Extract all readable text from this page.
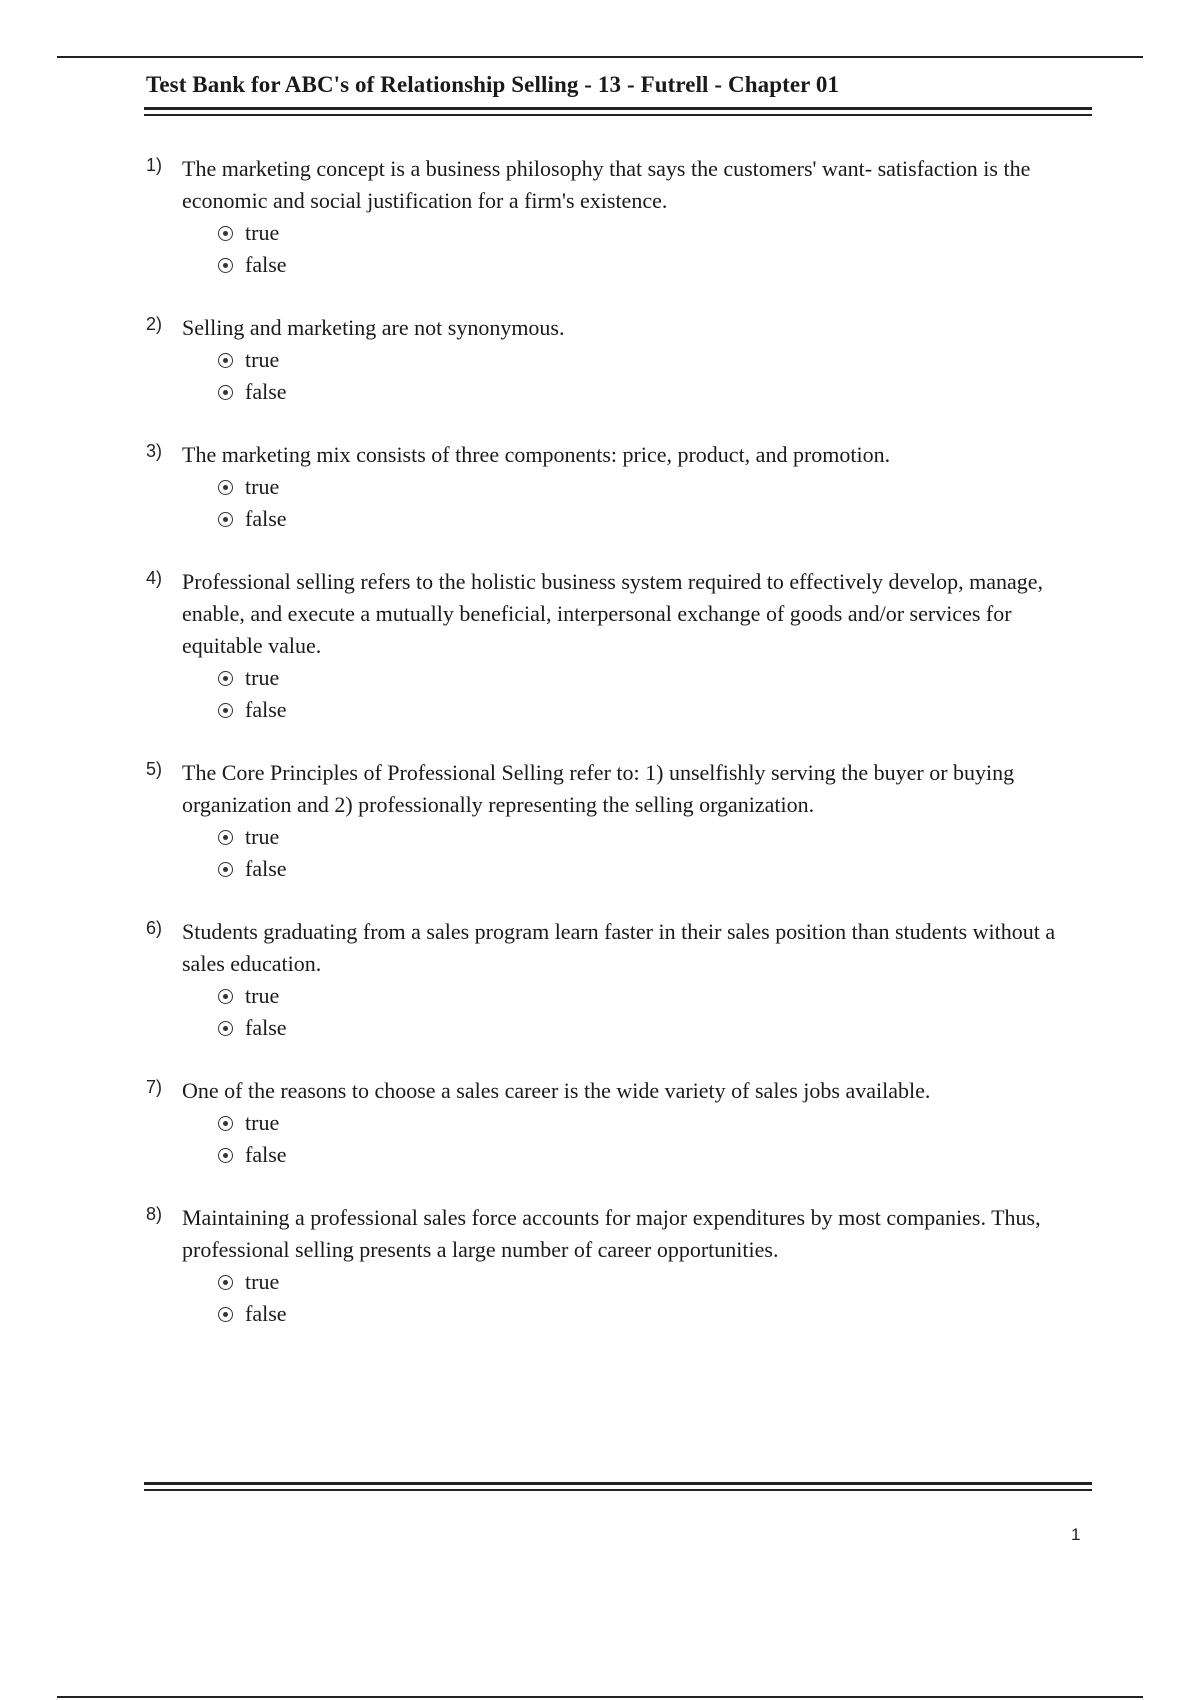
Test Bank for ABC's of Relationship Selling - 13 - Futrell - Chapter 01
1) The marketing concept is a business philosophy that says the customers' want- satisfaction is the economic and social justification for a firm's existence.
true
false
2) Selling and marketing are not synonymous.
true
false
3) The marketing mix consists of three components: price, product, and promotion.
true
false
4) Professional selling refers to the holistic business system required to effectively develop, manage, enable, and execute a mutually beneficial, interpersonal exchange of goods and/or services for equitable value.
true
false
5) The Core Principles of Professional Selling refer to: 1) unselfishly serving the buyer or buying organization and 2) professionally representing the selling organization.
true
false
6) Students graduating from a sales program learn faster in their sales position than students without a sales education.
true
false
7) One of the reasons to choose a sales career is the wide variety of sales jobs available.
true
false
8) Maintaining a professional sales force accounts for major expenditures by most companies. Thus, professional selling presents a large number of career opportunities.
true
false
1
